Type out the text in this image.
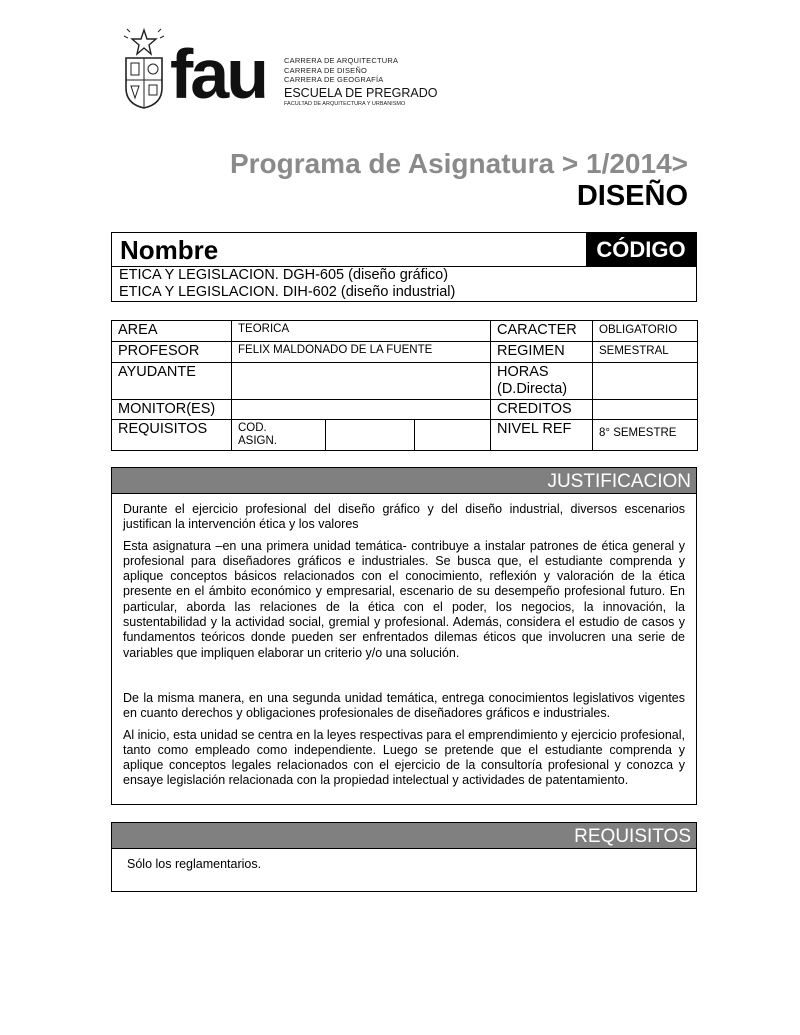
fau CARRERA DE ARQUITECTURA
CARRERA DE DISEÑO
CARRERA DE GEOGRAFÍA
ESCUELA DE PREGRADO
FACULTAD DE ARQUITECTURA Y URBANISMO
Programa de Asignatura > 1/2014>
DISEÑO
Nombre	CÓDIGO
ETICA Y LEGISLACION. DGH-605 (diseño gráfico)
ETICA Y LEGISLACION. DIH-602 (diseño industrial)
AREA	TEORICA			CARACTER	OBLIGATORIO
PROFESOR	FELIX MALDONADO DE LA FUENTE			REGIMEN	SEMESTRAL
AYUDANTE				HORAS
(D.Directa)	

MONITOR(ES)				CREDITOS	
REQUISITOS	COD.
ASIGN.			NIVEL REF	8° SEMESTRE
JUSTIFICACION

Durante el ejercicio profesional del diseño gráfico y del diseño industrial, diversos escenarios justifican la intervención ética y los valores

Esta asignatura –en una primera unidad temática- contribuye a instalar patrones de ética general y profesional para diseñadores gráficos e industriales. Se busca que, el estudiante comprenda y aplique conceptos básicos relacionados con el conocimiento, reflexión y valoración de la ética presente en el ámbito económico y empresarial, escenario de su desempeño profesional futuro. En particular, aborda las relaciones de la ética con el poder, los negocios, la innovación, la sustentabilidad y la actividad social, gremial y profesional. Además, considera el estudio de casos y fundamentos teóricos donde pueden ser enfrentados dilemas éticos que involucren una serie de variables que impliquen elaborar un criterio y/o una solución.

De la misma manera, en una segunda unidad temática, entrega conocimientos legislativos vigentes en cuanto derechos y obligaciones profesionales de diseñadores gráficos e industriales.

Al inicio, esta unidad se centra en la leyes respectivas para el emprendimiento y ejercicio profesional, tanto como empleado como independiente. Luego se pretende que el estudiante comprenda y aplique conceptos legales relacionados con el ejercicio de la consultoría profesional y conozca y ensaye legislación relacionada con la propiedad intelectual y actividades de patentamiento.

REQUISITOS
Sólo los reglamentarios.
